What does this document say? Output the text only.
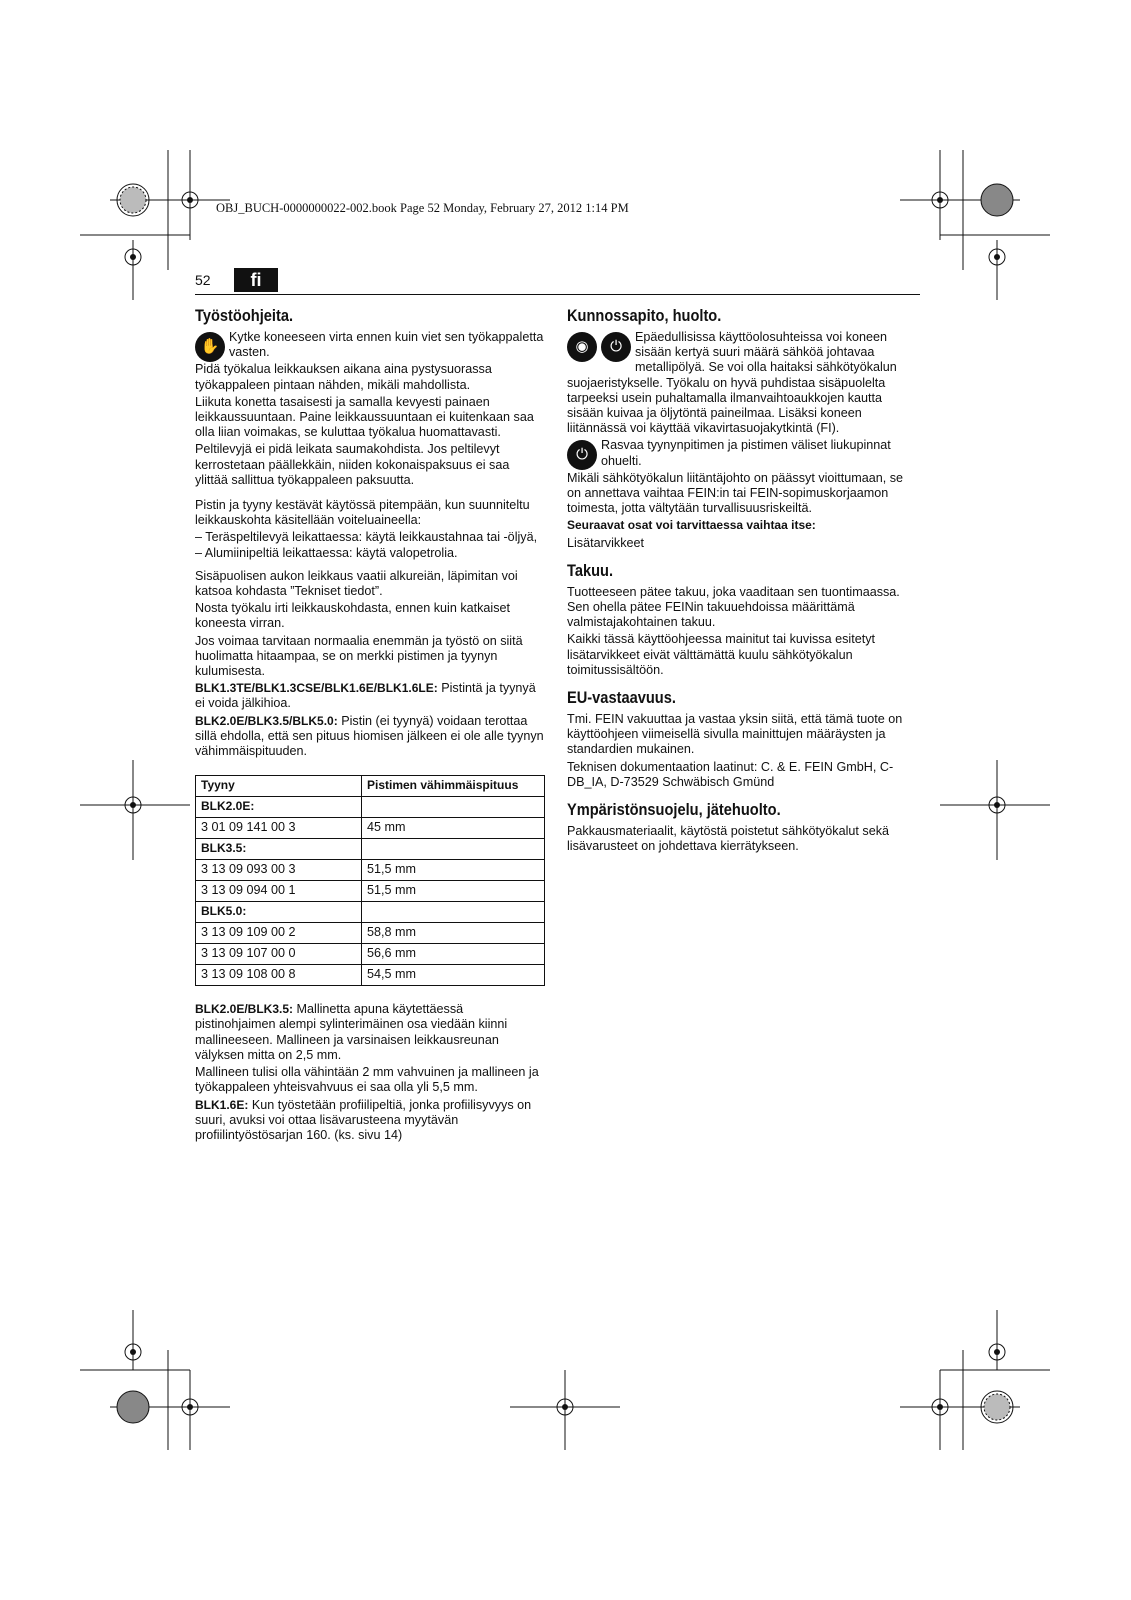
OBJ_BUCH-0000000022-002.book Page 52 Monday, February 27, 2012 1:14 PM
52	fi
Työstöohjeita.
✋

Kytke koneeseen virta ennen kuin viet sen työkappaletta vasten.

Pidä työkalua leikkauksen aikana aina pystysuorassa työkappaleen pintaan nähden, mikäli mahdollista.

Liikuta konetta tasaisesti ja samalla kevyesti painaen leikkaussuuntaan. Paine leikkaussuuntaan ei kuitenkaan saa olla liian voimakas, se kuluttaa työkalua huomattavasti.

Peltilevyjä ei pidä leikata saumakohdista. Jos peltilevyt kerrostetaan päällekkäin, niiden kokonaispaksuus ei saa ylittää sallittua työkappaleen paksuutta.

Pistin ja tyyny kestävät käytössä pitempään, kun suunniteltu leikkauskohta käsitellään voiteluaineella:

– Teräspeltilevyä leikattaessa: käytä leikkaustahnaa tai -öljyä,

– Alumiinipeltiä leikattaessa: käytä valopetrolia.

Sisäpuolisen aukon leikkaus vaatii alkureiän, läpimitan voi katsoa kohdasta ”Tekniset tiedot”.

Nosta työkalu irti leikkauskohdasta, ennen kuin katkaiset koneesta virran.

Jos voimaa tarvitaan normaalia enemmän ja työstö on siitä huolimatta hitaampaa, se on merkki pistimen ja tyynyn kulumisesta.

BLK1.3TE/BLK1.3CSE/BLK1.6E/BLK1.6LE: Pistintä ja tyynyä ei voida jälkihioa.

BLK2.0E/BLK3.5/BLK5.0: Pistin (ei tyynyä) voidaan terottaa sillä ehdolla, että sen pituus hiomisen jälkeen ei ole alle tyynyn vähimmäispituuden.

Tyyny	Pistimen vähimmäispituus
BLK2.0E:	
3 01 09 141 00 3	45 mm
BLK3.5:	
3 13 09 093 00 3	51,5 mm
3 13 09 094 00 1	51,5 mm
BLK5.0:	
3 13 09 109 00 2	58,8 mm
3 13 09 107 00 0	56,6 mm
3 13 09 108 00 8	54,5 mm

BLK2.0E/BLK3.5: Mallinetta apuna käytettäessä pistinohjaimen alempi sylinterimäinen osa viedään kiinni mallineeseen. Mallineen ja varsinaisen leikkausreunan välyksen mitta on 2,5 mm.

Mallineen tulisi olla vähintään 2 mm vahvuinen ja mallineen ja työkappaleen yhteisvahvuus ei saa olla yli 5,5 mm.

BLK1.6E: Kun työstetään profiilipeltiä, jonka profiilisyvyys on suuri, avuksi voi ottaa lisävarusteena myytävän profiilintyöstösarjan 160. (ks. sivu 14)

Kunnossapito, huolto.
◉	⏻

Epäedullisissa käyttöolosuhteissa voi koneen sisään kertyä suuri määrä sähköä johtavaa metallipölyä. Se voi olla haitaksi sähkötyökalun suojaeristykselle. Työkalu on hyvä puhdistaa sisäpuolelta tarpeeksi usein puhaltamalla ilmanvaihtoaukkojen kautta sisään kuivaa ja öljytöntä paineilmaa. Lisäksi koneen liitännässä voi käyttää vikavirtasuojakytkintä (FI).

⏻

Rasvaa tyynynpitimen ja pistimen väliset liukupinnat ohuelti.

Mikäli sähkötyökalun liitäntäjohto on päässyt vioittumaan, se on annettava vaihtaa FEIN:in tai FEIN-sopimuskorjaamon toimesta, jotta vältytään turvallisuusriskeiltä.

Seuraavat osat voi tarvittaessa vaihtaa itse:

Lisätarvikkeet

Takuu.

Tuotteeseen pätee takuu, joka vaaditaan sen tuontimaassa. Sen ohella pätee FEINin takuuehdoissa määrittämä valmistajakohtainen takuu.

Kaikki tässä käyttöohjeessa mainitut tai kuvissa esitetyt lisätarvikkeet eivät välttämättä kuulu sähkötyökalun toimitussisältöön.

EU-vastaavuus.

Tmi. FEIN vakuuttaa ja vastaa yksin siitä, että tämä tuote on käyttöohjeen viimeisellä sivulla mainittujen määräysten ja standardien mukainen.

Teknisen dokumentaation laatinut: C. & E. FEIN GmbH, C-DB_IA, D-73529 Schwäbisch Gmünd

Ympäristönsuojelu, jätehuolto.

Pakkausmateriaalit, käytöstä poistetut sähkötyökalut sekä lisävarusteet on johdettava kierrätykseen.
